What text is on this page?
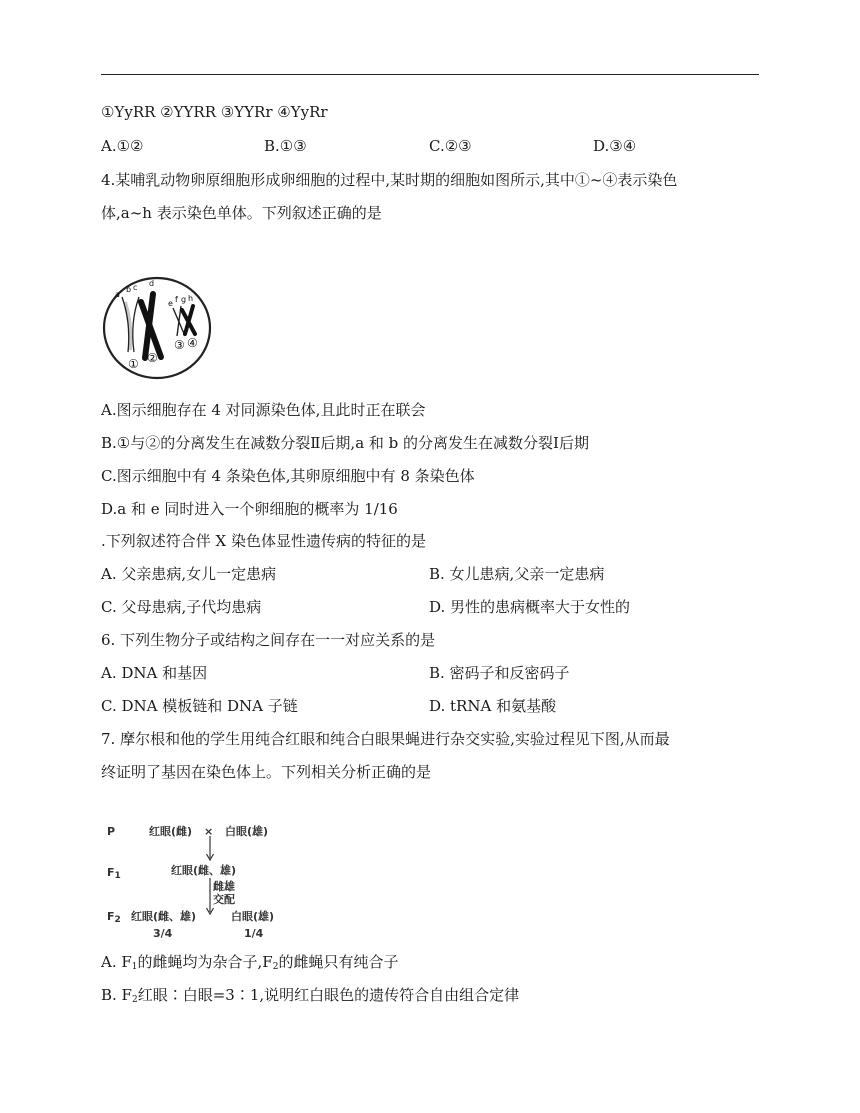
①YyRR ②YYRR ③YYRr ④YyRr
A.①②	B.①③	C.②③	D.③④
4.某哺乳动物卵原细胞形成卵细胞的过程中,某时期的细胞如图所示,其中①~④表示染色
体,a~h 表示染色单体。下列叙述正确的是
a
b c d
e f g h
① ②
③ ④
A.图示细胞存在 4 对同源染色体,且此时正在联会
B.①与②的分离发生在减数分裂Ⅱ后期,a 和 b 的分离发生在减数分裂Ⅰ后期
C.图示细胞中有 4 条染色体,其卵原细胞中有 8 条染色体
D.a 和 e 同时进入一个卵细胞的概率为 1/16
.下列叙述符合伴 X 染色体显性遗传病的特征的是
A. 父亲患病,女儿一定患病	B. 女儿患病,父亲一定患病
C. 父母患病,子代均患病	D. 男性的患病概率大于女性的
6. 下列生物分子或结构之间存在一一对应关系的是
A. DNA 和基因	B. 密码子和反密码子
C. DNA 模板链和 DNA 子链	D. tRNA 和氨基酸
7. 摩尔根和他的学生用纯合红眼和纯合白眼果蝇进行杂交实验,实验过程见下图,从而最
终证明了基因在染色体上。下列相关分析正确的是
P	红眼(雌) × 白眼(雄)
$F_1$	红眼(雌、雄)
雌雄
交配
$F_2$ 红眼(雌、雄)	白眼(雄)
3/4	1/4
A. $F_1$的雌蝇均为杂合子$,F_2$的雌蝇只有纯合子
B. $F_2$红眼∶白眼=3∶1,说明红白眼色的遗传符合自由组合定律
